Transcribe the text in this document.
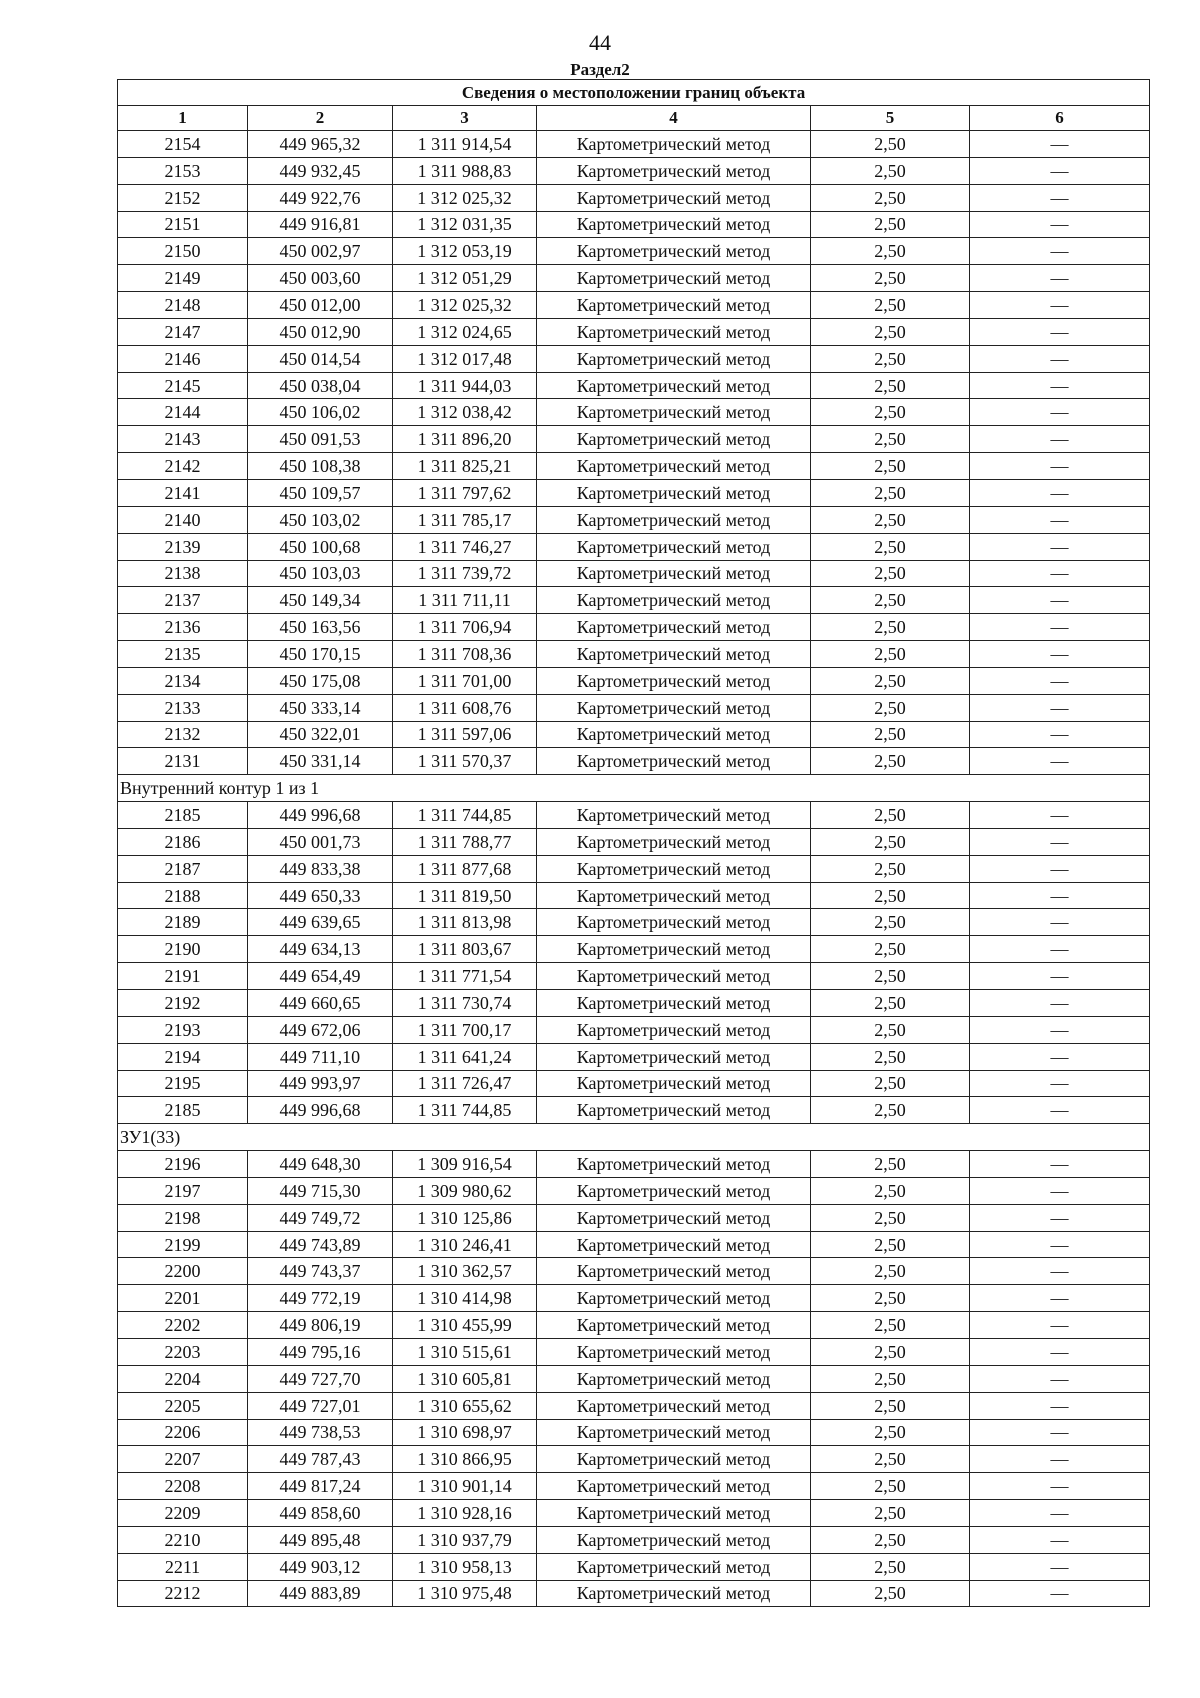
44
Раздел2
Сведения о местоположении границ объекта					
1	2	3	4	5	6
2154	449 965,32	1 311 914,54	Картометрический метод	2,50	—
2153	449 932,45	1 311 988,83	Картометрический метод	2,50	—
2152	449 922,76	1 312 025,32	Картометрический метод	2,50	—
2151	449 916,81	1 312 031,35	Картометрический метод	2,50	—
2150	450 002,97	1 312 053,19	Картометрический метод	2,50	—
2149	450 003,60	1 312 051,29	Картометрический метод	2,50	—
2148	450 012,00	1 312 025,32	Картометрический метод	2,50	—
2147	450 012,90	1 312 024,65	Картометрический метод	2,50	—
2146	450 014,54	1 312 017,48	Картометрический метод	2,50	—
2145	450 038,04	1 311 944,03	Картометрический метод	2,50	—
2144	450 106,02	1 312 038,42	Картометрический метод	2,50	—
2143	450 091,53	1 311 896,20	Картометрический метод	2,50	—
2142	450 108,38	1 311 825,21	Картометрический метод	2,50	—
2141	450 109,57	1 311 797,62	Картометрический метод	2,50	—
2140	450 103,02	1 311 785,17	Картометрический метод	2,50	—
2139	450 100,68	1 311 746,27	Картометрический метод	2,50	—
2138	450 103,03	1 311 739,72	Картометрический метод	2,50	—
2137	450 149,34	1 311 711,11	Картометрический метод	2,50	—
2136	450 163,56	1 311 706,94	Картометрический метод	2,50	—
2135	450 170,15	1 311 708,36	Картометрический метод	2,50	—
2134	450 175,08	1 311 701,00	Картометрический метод	2,50	—
2133	450 333,14	1 311 608,76	Картометрический метод	2,50	—
2132	450 322,01	1 311 597,06	Картометрический метод	2,50	—
2131	450 331,14	1 311 570,37	Картометрический метод	2,50	—
Внутренний контур 1 из 1					
2185	449 996,68	1 311 744,85	Картометрический метод	2,50	—
2186	450 001,73	1 311 788,77	Картометрический метод	2,50	—
2187	449 833,38	1 311 877,68	Картометрический метод	2,50	—
2188	449 650,33	1 311 819,50	Картометрический метод	2,50	—
2189	449 639,65	1 311 813,98	Картометрический метод	2,50	—
2190	449 634,13	1 311 803,67	Картометрический метод	2,50	—
2191	449 654,49	1 311 771,54	Картометрический метод	2,50	—
2192	449 660,65	1 311 730,74	Картометрический метод	2,50	—
2193	449 672,06	1 311 700,17	Картометрический метод	2,50	—
2194	449 711,10	1 311 641,24	Картометрический метод	2,50	—
2195	449 993,97	1 311 726,47	Картометрический метод	2,50	—
2185	449 996,68	1 311 744,85	Картометрический метод	2,50	—
ЗУ1(33)					
2196	449 648,30	1 309 916,54	Картометрический метод	2,50	—
2197	449 715,30	1 309 980,62	Картометрический метод	2,50	—
2198	449 749,72	1 310 125,86	Картометрический метод	2,50	—
2199	449 743,89	1 310 246,41	Картометрический метод	2,50	—
2200	449 743,37	1 310 362,57	Картометрический метод	2,50	—
2201	449 772,19	1 310 414,98	Картометрический метод	2,50	—
2202	449 806,19	1 310 455,99	Картометрический метод	2,50	—
2203	449 795,16	1 310 515,61	Картометрический метод	2,50	—
2204	449 727,70	1 310 605,81	Картометрический метод	2,50	—
2205	449 727,01	1 310 655,62	Картометрический метод	2,50	—
2206	449 738,53	1 310 698,97	Картометрический метод	2,50	—
2207	449 787,43	1 310 866,95	Картометрический метод	2,50	—
2208	449 817,24	1 310 901,14	Картометрический метод	2,50	—
2209	449 858,60	1 310 928,16	Картометрический метод	2,50	—
2210	449 895,48	1 310 937,79	Картометрический метод	2,50	—
2211	449 903,12	1 310 958,13	Картометрический метод	2,50	—
2212	449 883,89	1 310 975,48	Картометрический метод	2,50	—
